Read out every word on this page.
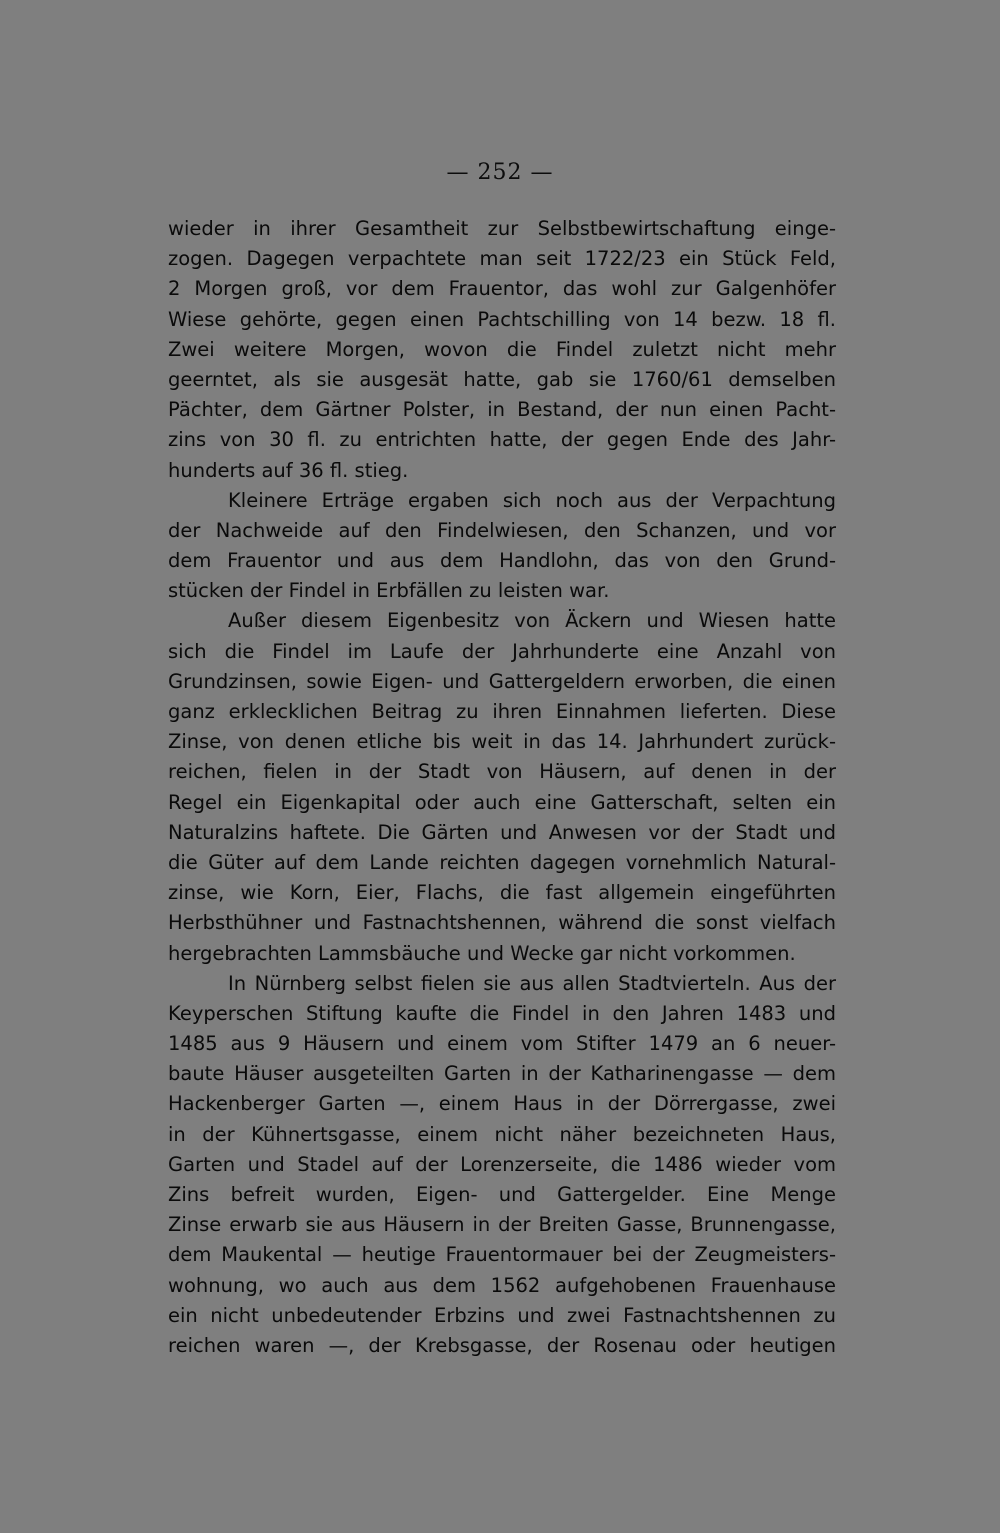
— 252 —
wieder in ihrer Gesamtheit zur Selbstbewirtschaftung einge-
zogen. Dagegen verpachtete man seit 1722/23 ein Stück Feld,
2 Morgen groß, vor dem Frauentor, das wohl zur Galgenhöfer
Wiese gehörte, gegen einen Pachtschilling von 14 bezw. 18 fl.
Zwei weitere Morgen, wovon die Findel zuletzt nicht mehr
geerntet, als sie ausgesät hatte, gab sie 1760/61 demselben
Pächter, dem Gärtner Polster, in Bestand, der nun einen Pacht-
zins von 30 fl. zu entrichten hatte, der gegen Ende des Jahr-
hunderts auf 36 fl. stieg.
Kleinere Erträge ergaben sich noch aus der Verpachtung
der Nachweide auf den Findelwiesen, den Schanzen, und vor
dem Frauentor und aus dem Handlohn, das von den Grund-
stücken der Findel in Erbfällen zu leisten war.
Außer diesem Eigenbesitz von Äckern und Wiesen hatte
sich die Findel im Laufe der Jahrhunderte eine Anzahl von
Grundzinsen, sowie Eigen- und Gattergeldern erworben, die einen
ganz erklecklichen Beitrag zu ihren Einnahmen lieferten. Diese
Zinse, von denen etliche bis weit in das 14. Jahrhundert zurück-
reichen, fielen in der Stadt von Häusern, auf denen in der
Regel ein Eigenkapital oder auch eine Gatterschaft, selten ein
Naturalzins haftete. Die Gärten und Anwesen vor der Stadt und
die Güter auf dem Lande reichten dagegen vornehmlich Natural-
zinse, wie Korn, Eier, Flachs, die fast allgemein eingeführten
Herbsthühner und Fastnachtshennen, während die sonst vielfach
hergebrachten Lammsbäuche und Wecke gar nicht vorkommen.
In Nürnberg selbst fielen sie aus allen Stadtvierteln. Aus der
Keyperschen Stiftung kaufte die Findel in den Jahren 1483 und
1485 aus 9 Häusern und einem vom Stifter 1479 an 6 neuer-
baute Häuser ausgeteilten Garten in der Katharinengasse — dem
Hackenberger Garten —, einem Haus in der Dörrergasse, zwei
in der Kühnertsgasse, einem nicht näher bezeichneten Haus,
Garten und Stadel auf der Lorenzerseite, die 1486 wieder vom
Zins befreit wurden, Eigen- und Gattergelder. Eine Menge
Zinse erwarb sie aus Häusern in der Breiten Gasse, Brunnengasse,
dem Maukental — heutige Frauentormauer bei der Zeugmeisters-
wohnung, wo auch aus dem 1562 aufgehobenen Frauenhause
ein nicht unbedeutender Erbzins und zwei Fastnachtshennen zu
reichen waren —, der Krebsgasse, der Rosenau oder heutigen
